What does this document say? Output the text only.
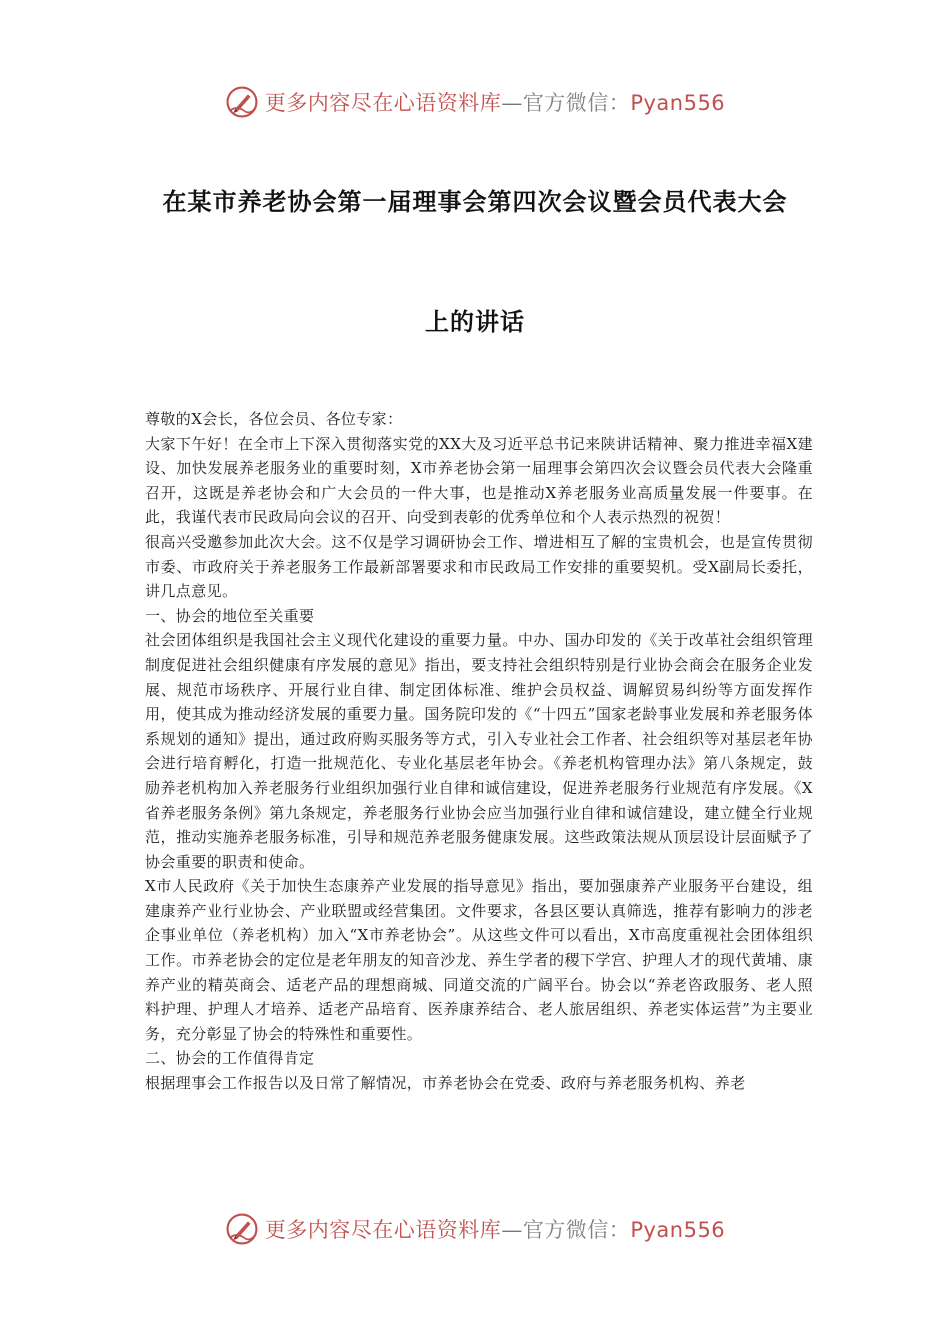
更多内容尽在心语资料库—官方微信：Pyan556
在某市养老协会第一届理事会第四次会议暨会员代表大会
上的讲话

尊敬的X会长，各位会员、各位专家：

大家下午好！在全市上下深入贯彻落实党的XX大及习近平总书记来陕讲话精神、聚力推进幸福X建设、加快发展养老服务业的重要时刻，X市养老协会第一届理事会第四次会议暨会员代表大会隆重召开，这既是养老协会和广大会员的一件大事，也是推动X养老服务业高质量发展一件要事。在此，我谨代表市民政局向会议的召开、向受到表彰的优秀单位和个人表示热烈的祝贺！

很高兴受邀参加此次大会。这不仅是学习调研协会工作、增进相互了解的宝贵机会，也是宣传贯彻市委、市政府关于养老服务工作最新部署要求和市民政局工作安排的重要契机。受X副局长委托，讲几点意见。

一、协会的地位至关重要

社会团体组织是我国社会主义现代化建设的重要力量。中办、国办印发的《关于改革社会组织管理制度促进社会组织健康有序发展的意见》指出，要支持社会组织特别是行业协会商会在服务企业发展、规范市场秩序、开展行业自律、制定团体标准、维护会员权益、调解贸易纠纷等方面发挥作用，使其成为推动经济发展的重要力量。国务院印发的《“十四五”国家老龄事业发展和养老服务体系规划的通知》提出，通过政府购买服务等方式，引入专业社会工作者、社会组织等对基层老年协会进行培育孵化，打造一批规范化、专业化基层老年协会。《养老机构管理办法》第八条规定，鼓励养老机构加入养老服务行业组织加强行业自律和诚信建设，促进养老服务行业规范有序发展。《X省养老服务条例》第九条规定，养老服务行业协会应当加强行业自律和诚信建设，建立健全行业规范，推动实施养老服务标准，引导和规范养老服务健康发展。这些政策法规从顶层设计层面赋予了协会重要的职责和使命。

X市人民政府《关于加快生态康养产业发展的指导意见》指出，要加强康养产业服务平台建设，组建康养产业行业协会、产业联盟或经营集团。文件要求，各县区要认真筛选，推荐有影响力的涉老企事业单位（养老机构）加入“X市养老协会”。从这些文件可以看出，X市高度重视社会团体组织工作。市养老协会的定位是老年朋友的知音沙龙、养生学者的稷下学宫、护理人才的现代黄埔、康养产业的精英商会、适老产品的理想商城、同道交流的广阔平台。协会以“养老咨政服务、老人照料护理、护理人才培养、适老产品培育、医养康养结合、老人旅居组织、养老实体运营”为主要业务，充分彰显了协会的特殊性和重要性。

二、协会的工作值得肯定

根据理事会工作报告以及日常了解情况，市养老协会在党委、政府与养老服务机构、养老

更多内容尽在心语资料库—官方微信：Pyan556
